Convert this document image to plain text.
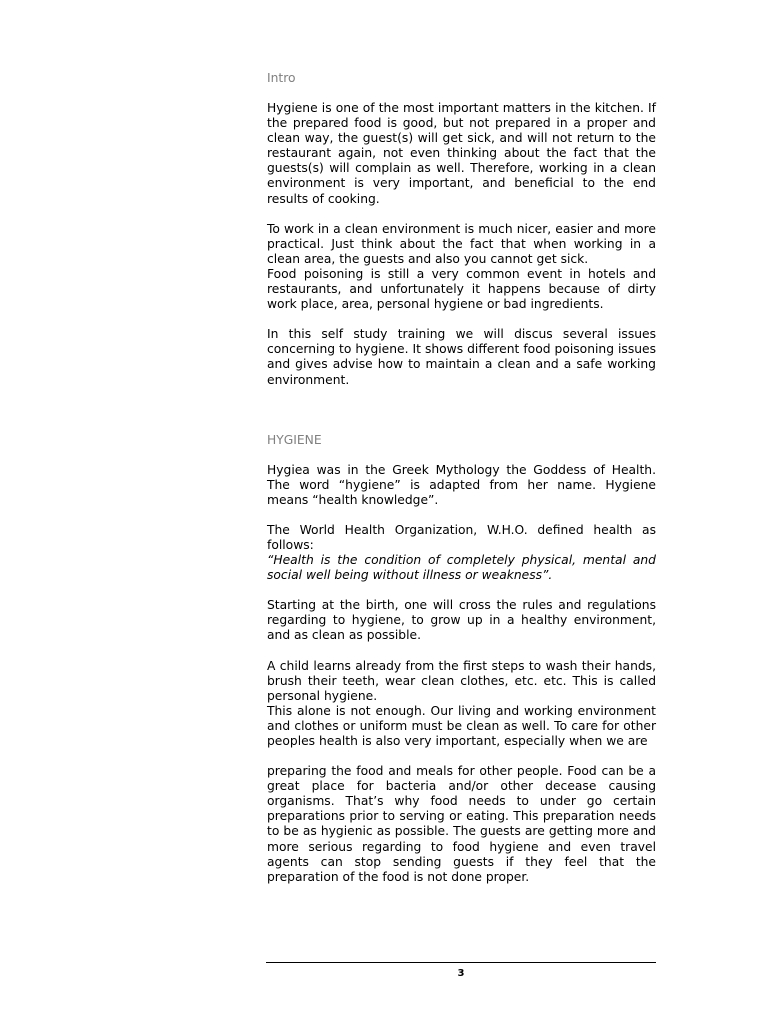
Intro

Hygiene is one of the most important matters in the kitchen. If the prepared food is good, but not prepared in a proper and clean way, the guest(s) will get sick, and will not return to the restaurant again, not even thinking about the fact that the guests(s) will complain as well. Therefore, working in a clean environment is very important, and beneficial to the end results of cooking.

To work in a clean environment is much nicer, easier and more practical. Just think about the fact that when working in a clean area, the guests and also you cannot get sick.

Food poisoning is still a very common event in hotels and restaurants, and unfortunately it happens because of dirty work place, area, personal hygiene or bad ingredients.

In this self study training we will discus several issues concerning to hygiene. It shows different food poisoning issues and gives advise how to maintain a clean and a safe working environment.

HYGIENE

Hygiea was in the Greek Mythology the Goddess of Health. The word “hygiene” is adapted from her name. Hygiene means “health knowledge”.

The World Health Organization, W.H.O. defined health as follows:

“Health is the condition of completely physical, mental and social well being without illness or weakness”.

Starting at the birth, one will cross the rules and regulations regarding to hygiene, to grow up in a healthy environment, and as clean as possible.

A child learns already from the first steps to wash their hands, brush their teeth, wear clean clothes, etc. etc. This is called personal hygiene.

This alone is not enough. Our living and working environment and clothes or uniform must be clean as well. To care for other peoples health is also very important, especially when we are

preparing the food and meals for other people. Food can be a great place for bacteria and/or other decease causing organisms. That’s why food needs to under go certain preparations prior to serving or eating. This preparation needs to be as hygienic as possible. The guests are getting more and more serious regarding to food hygiene and even travel agents can stop sending guests if they feel that the preparation of the food is not done proper.

3
